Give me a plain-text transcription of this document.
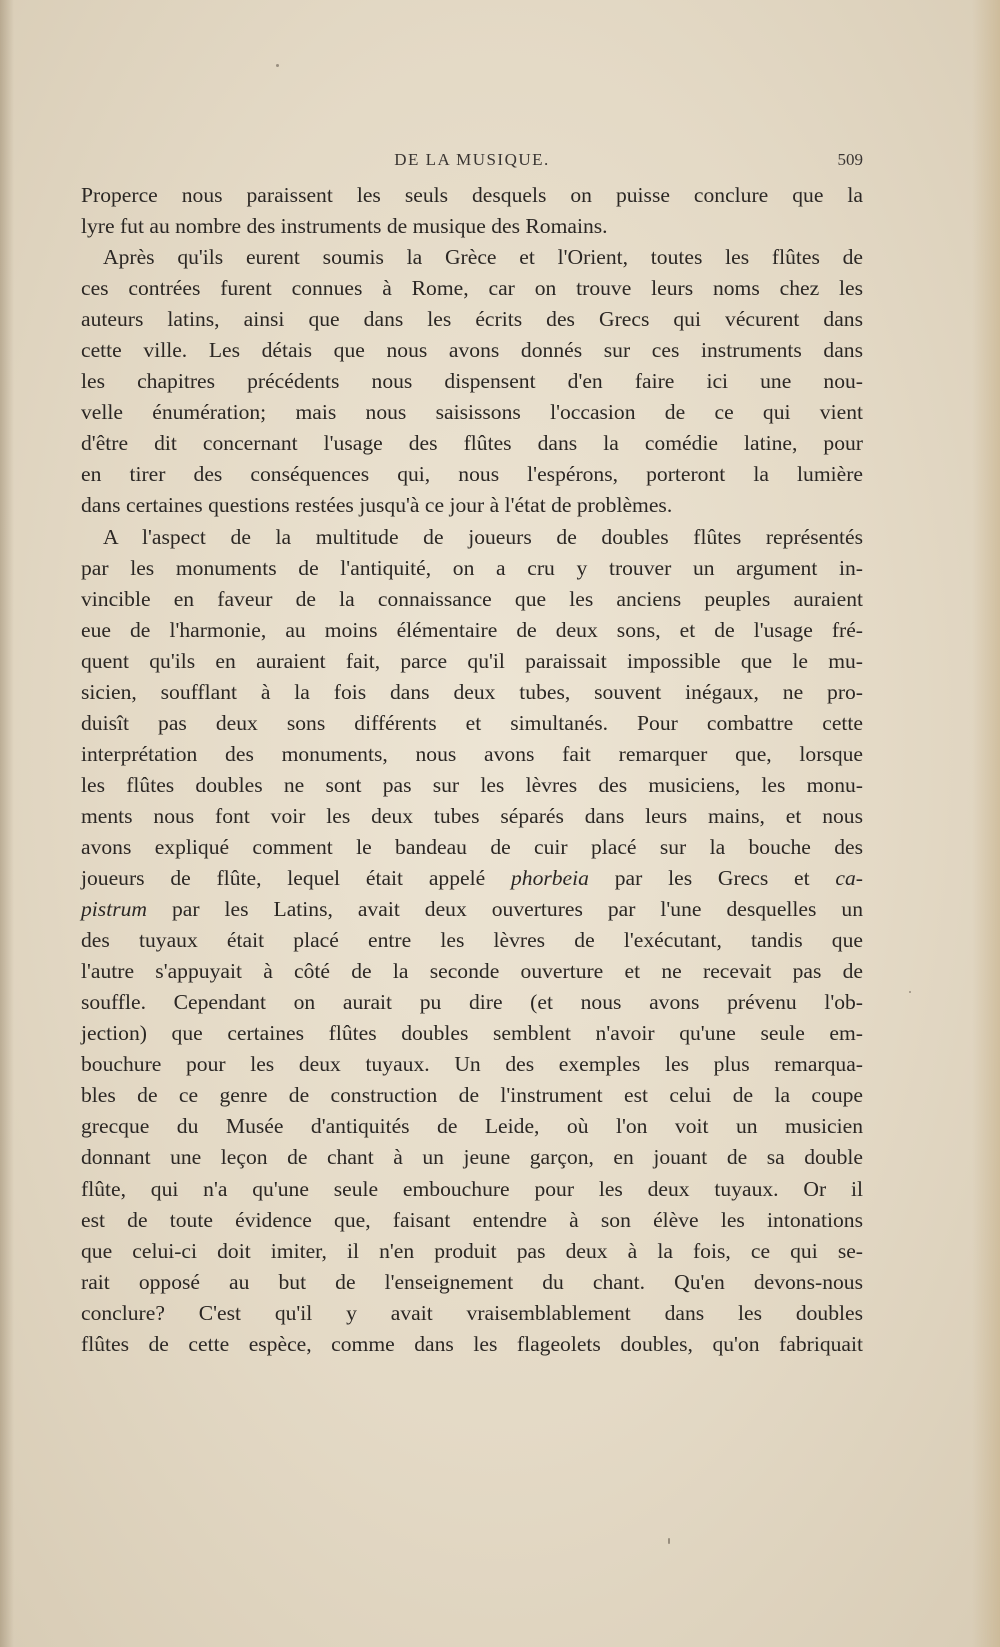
DE LA MUSIQUE.	509
Properce nous paraissent les seuls desquels on puisse conclure que la
lyre fut au nombre des instruments de musique des Romains.
Après qu'ils eurent soumis la Grèce et l'Orient, toutes les flûtes de
ces contrées furent connues à Rome, car on trouve leurs noms chez les
auteurs latins, ainsi que dans les écrits des Grecs qui vécurent dans
cette ville. Les détais que nous avons donnés sur ces instruments dans
les chapitres précédents nous dispensent d'en faire ici une nou-
velle énumération; mais nous saisissons l'occasion de ce qui vient
d'être dit concernant l'usage des flûtes dans la comédie latine, pour
en tirer des conséquences qui, nous l'espérons, porteront la lumière
dans certaines questions restées jusqu'à ce jour à l'état de problèmes.
A l'aspect de la multitude de joueurs de doubles flûtes représentés
par les monuments de l'antiquité, on a cru y trouver un argument in-
vincible en faveur de la connaissance que les anciens peuples auraient
eue de l'harmonie, au moins élémentaire de deux sons, et de l'usage fré-
quent qu'ils en auraient fait, parce qu'il paraissait impossible que le mu-
sicien, soufflant à la fois dans deux tubes, souvent inégaux, ne pro-
duisît pas deux sons différents et simultanés. Pour combattre cette
interprétation des monuments, nous avons fait remarquer que, lorsque
les flûtes doubles ne sont pas sur les lèvres des musiciens, les monu-
ments nous font voir les deux tubes séparés dans leurs mains, et nous
avons expliqué comment le bandeau de cuir placé sur la bouche des
joueurs de flûte, lequel était appelé phorbeia par les Grecs et ca-
pistrum par les Latins, avait deux ouvertures par l'une desquelles un
des tuyaux était placé entre les lèvres de l'exécutant, tandis que
l'autre s'appuyait à côté de la seconde ouverture et ne recevait pas de
souffle. Cependant on aurait pu dire (et nous avons prévenu l'ob-
jection) que certaines flûtes doubles semblent n'avoir qu'une seule em-
bouchure pour les deux tuyaux. Un des exemples les plus remarqua-
bles de ce genre de construction de l'instrument est celui de la coupe
grecque du Musée d'antiquités de Leide, où l'on voit un musicien
donnant une leçon de chant à un jeune garçon, en jouant de sa double
flûte, qui n'a qu'une seule embouchure pour les deux tuyaux. Or il
est de toute évidence que, faisant entendre à son élève les intonations
que celui-ci doit imiter, il n'en produit pas deux à la fois, ce qui se-
rait opposé au but de l'enseignement du chant. Qu'en devons-nous
conclure? C'est qu'il y avait vraisemblablement dans les doubles
flûtes de cette espèce, comme dans les flageolets doubles, qu'on fabriquait
